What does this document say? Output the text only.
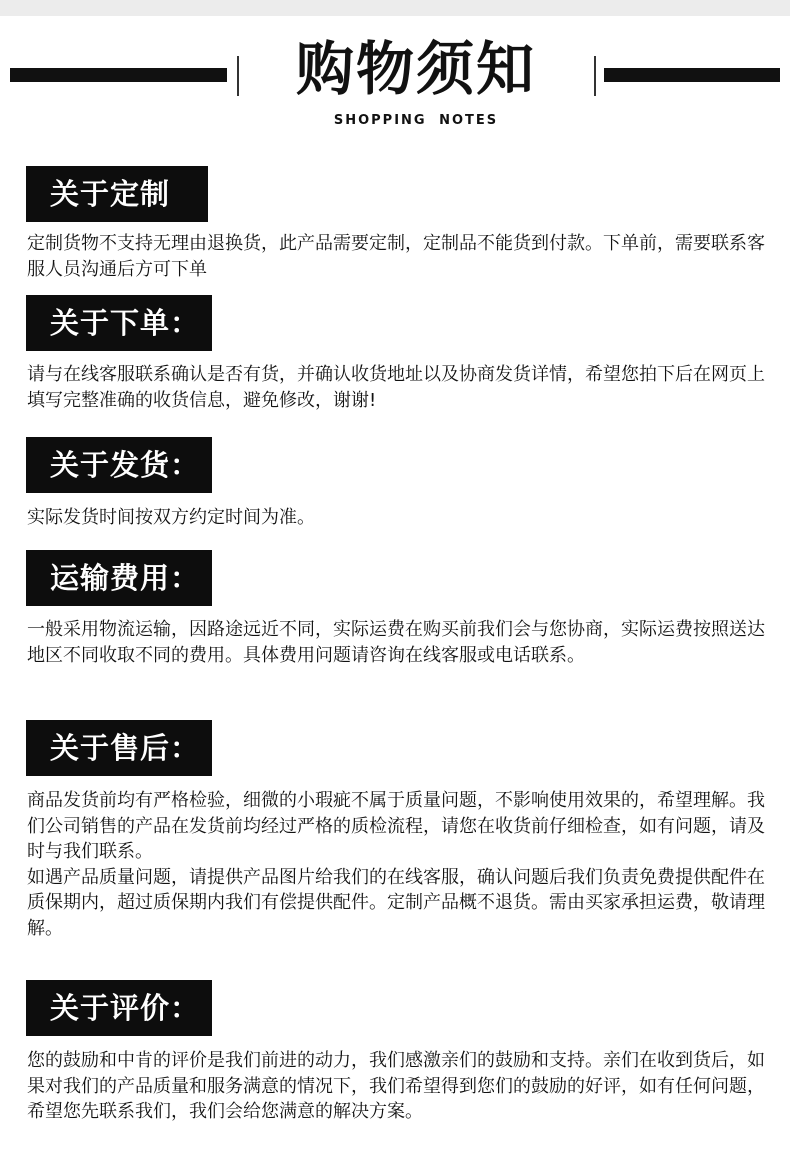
购物须知
SHOPPING NOTES
关于定制

定制货物不支持无理由退换货，此产品需要定制，定制品不能货到付款。下单前，需要联系客服人员沟通后方可下单

关于下单：

请与在线客服联系确认是否有货，并确认收货地址以及协商发货详情，希望您拍下后在网页上填写完整准确的收货信息，避免修改，谢谢!

关于发货：

实际发货时间按双方约定时间为准。

运输费用：

一般采用物流运输，因路途远近不同，实际运费在购买前我们会与您协商，实际运费按照送达地区不同收取不同的费用。具体费用问题请咨询在线客服或电话联系。

关于售后：

商品发货前均有严格检验，细微的小瑕疵不属于质量问题，不影响使用效果的，希望理解。我们公司销售的产品在发货前均经过严格的质检流程，请您在收货前仔细检查，如有问题，请及时与我们联系。

如遇产品质量问题，请提供产品图片给我们的在线客服，确认问题后我们负责免费提供配件在质保期内，超过质保期内我们有偿提供配件。定制产品概不退货。需由买家承担运费，敬请理解。

关于评价：

您的鼓励和中肯的评价是我们前进的动力，我们感激亲们的鼓励和支持。亲们在收到货后，如果对我们的产品质量和服务满意的情况下，我们希望得到您们的鼓励的好评，如有任何问题，希望您先联系我们，我们会给您满意的解决方案。
